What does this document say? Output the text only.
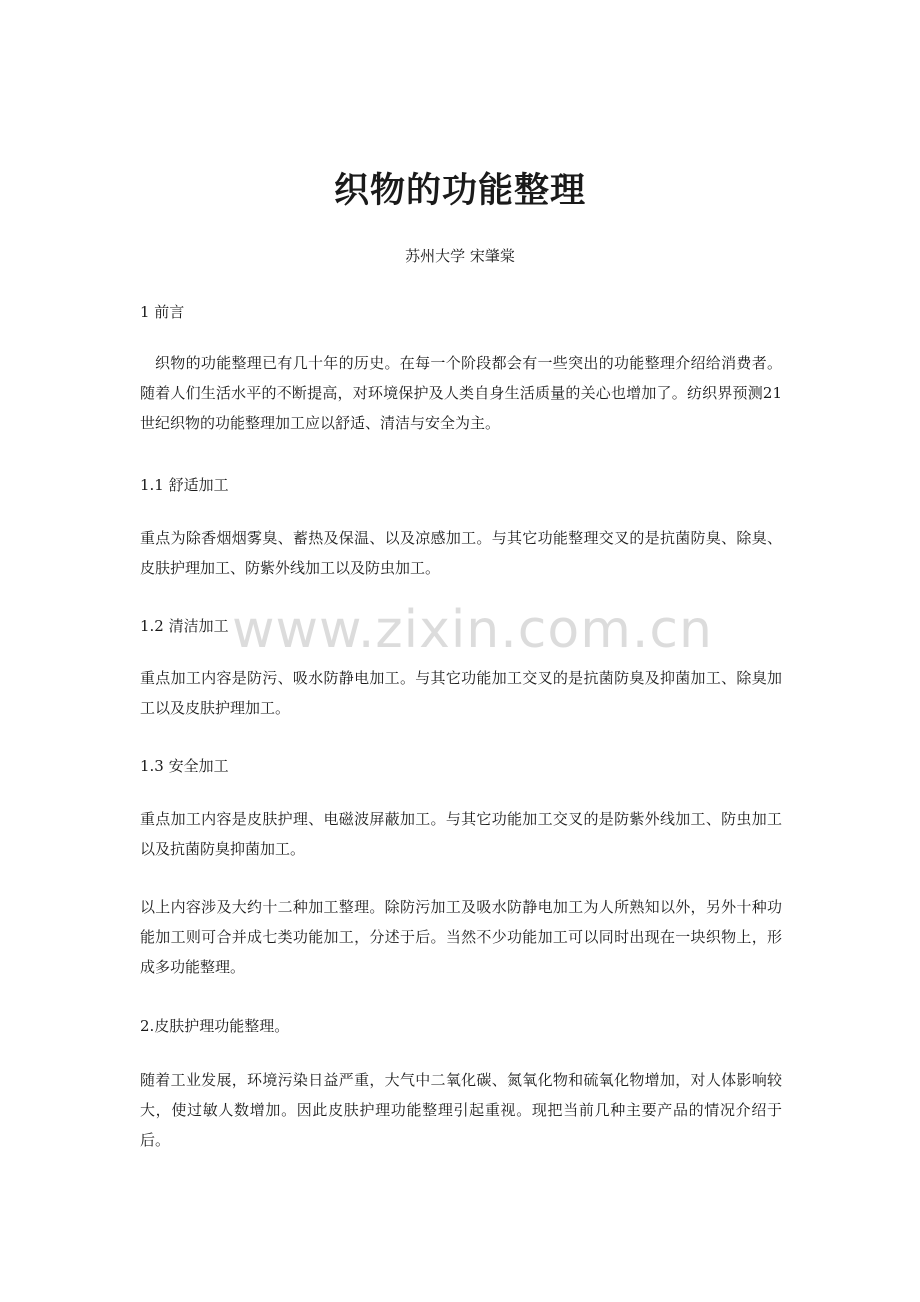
织物的功能整理
苏州大学 宋肇棠

1 前言

织物的功能整理已有几十年的历史。在每一个阶段都会有一些突出的功能整理介绍给消费者。随着人们生活水平的不断提高，对环境保护及人类自身生活质量的关心也增加了。纺织界预测21世纪织物的功能整理加工应以舒适、清洁与安全为主。

1.1 舒适加工

重点为除香烟烟雾臭、蓄热及保温、以及凉感加工。与其它功能整理交叉的是抗菌防臭、除臭、皮肤护理加工、防紫外线加工以及防虫加工。

1.2 清洁加工

重点加工内容是防污、吸水防静电加工。与其它功能加工交叉的是抗菌防臭及抑菌加工、除臭加工以及皮肤护理加工。

1.3 安全加工

重点加工内容是皮肤护理、电磁波屏蔽加工。与其它功能加工交叉的是防紫外线加工、防虫加工以及抗菌防臭抑菌加工。

以上内容涉及大约十二种加工整理。除防污加工及吸水防静电加工为人所熟知以外，另外十种功能加工则可合并成七类功能加工，分述于后。当然不少功能加工可以同时出现在一块织物上，形成多功能整理。

2.皮肤护理功能整理。

随着工业发展，环境污染日益严重，大气中二氧化碳、氮氧化物和硫氧化物增加，对人体影响较大，使过敏人数增加。因此皮肤护理功能整理引起重视。现把当前几种主要产品的情况介绍于后。

www.zixin.com.cn
